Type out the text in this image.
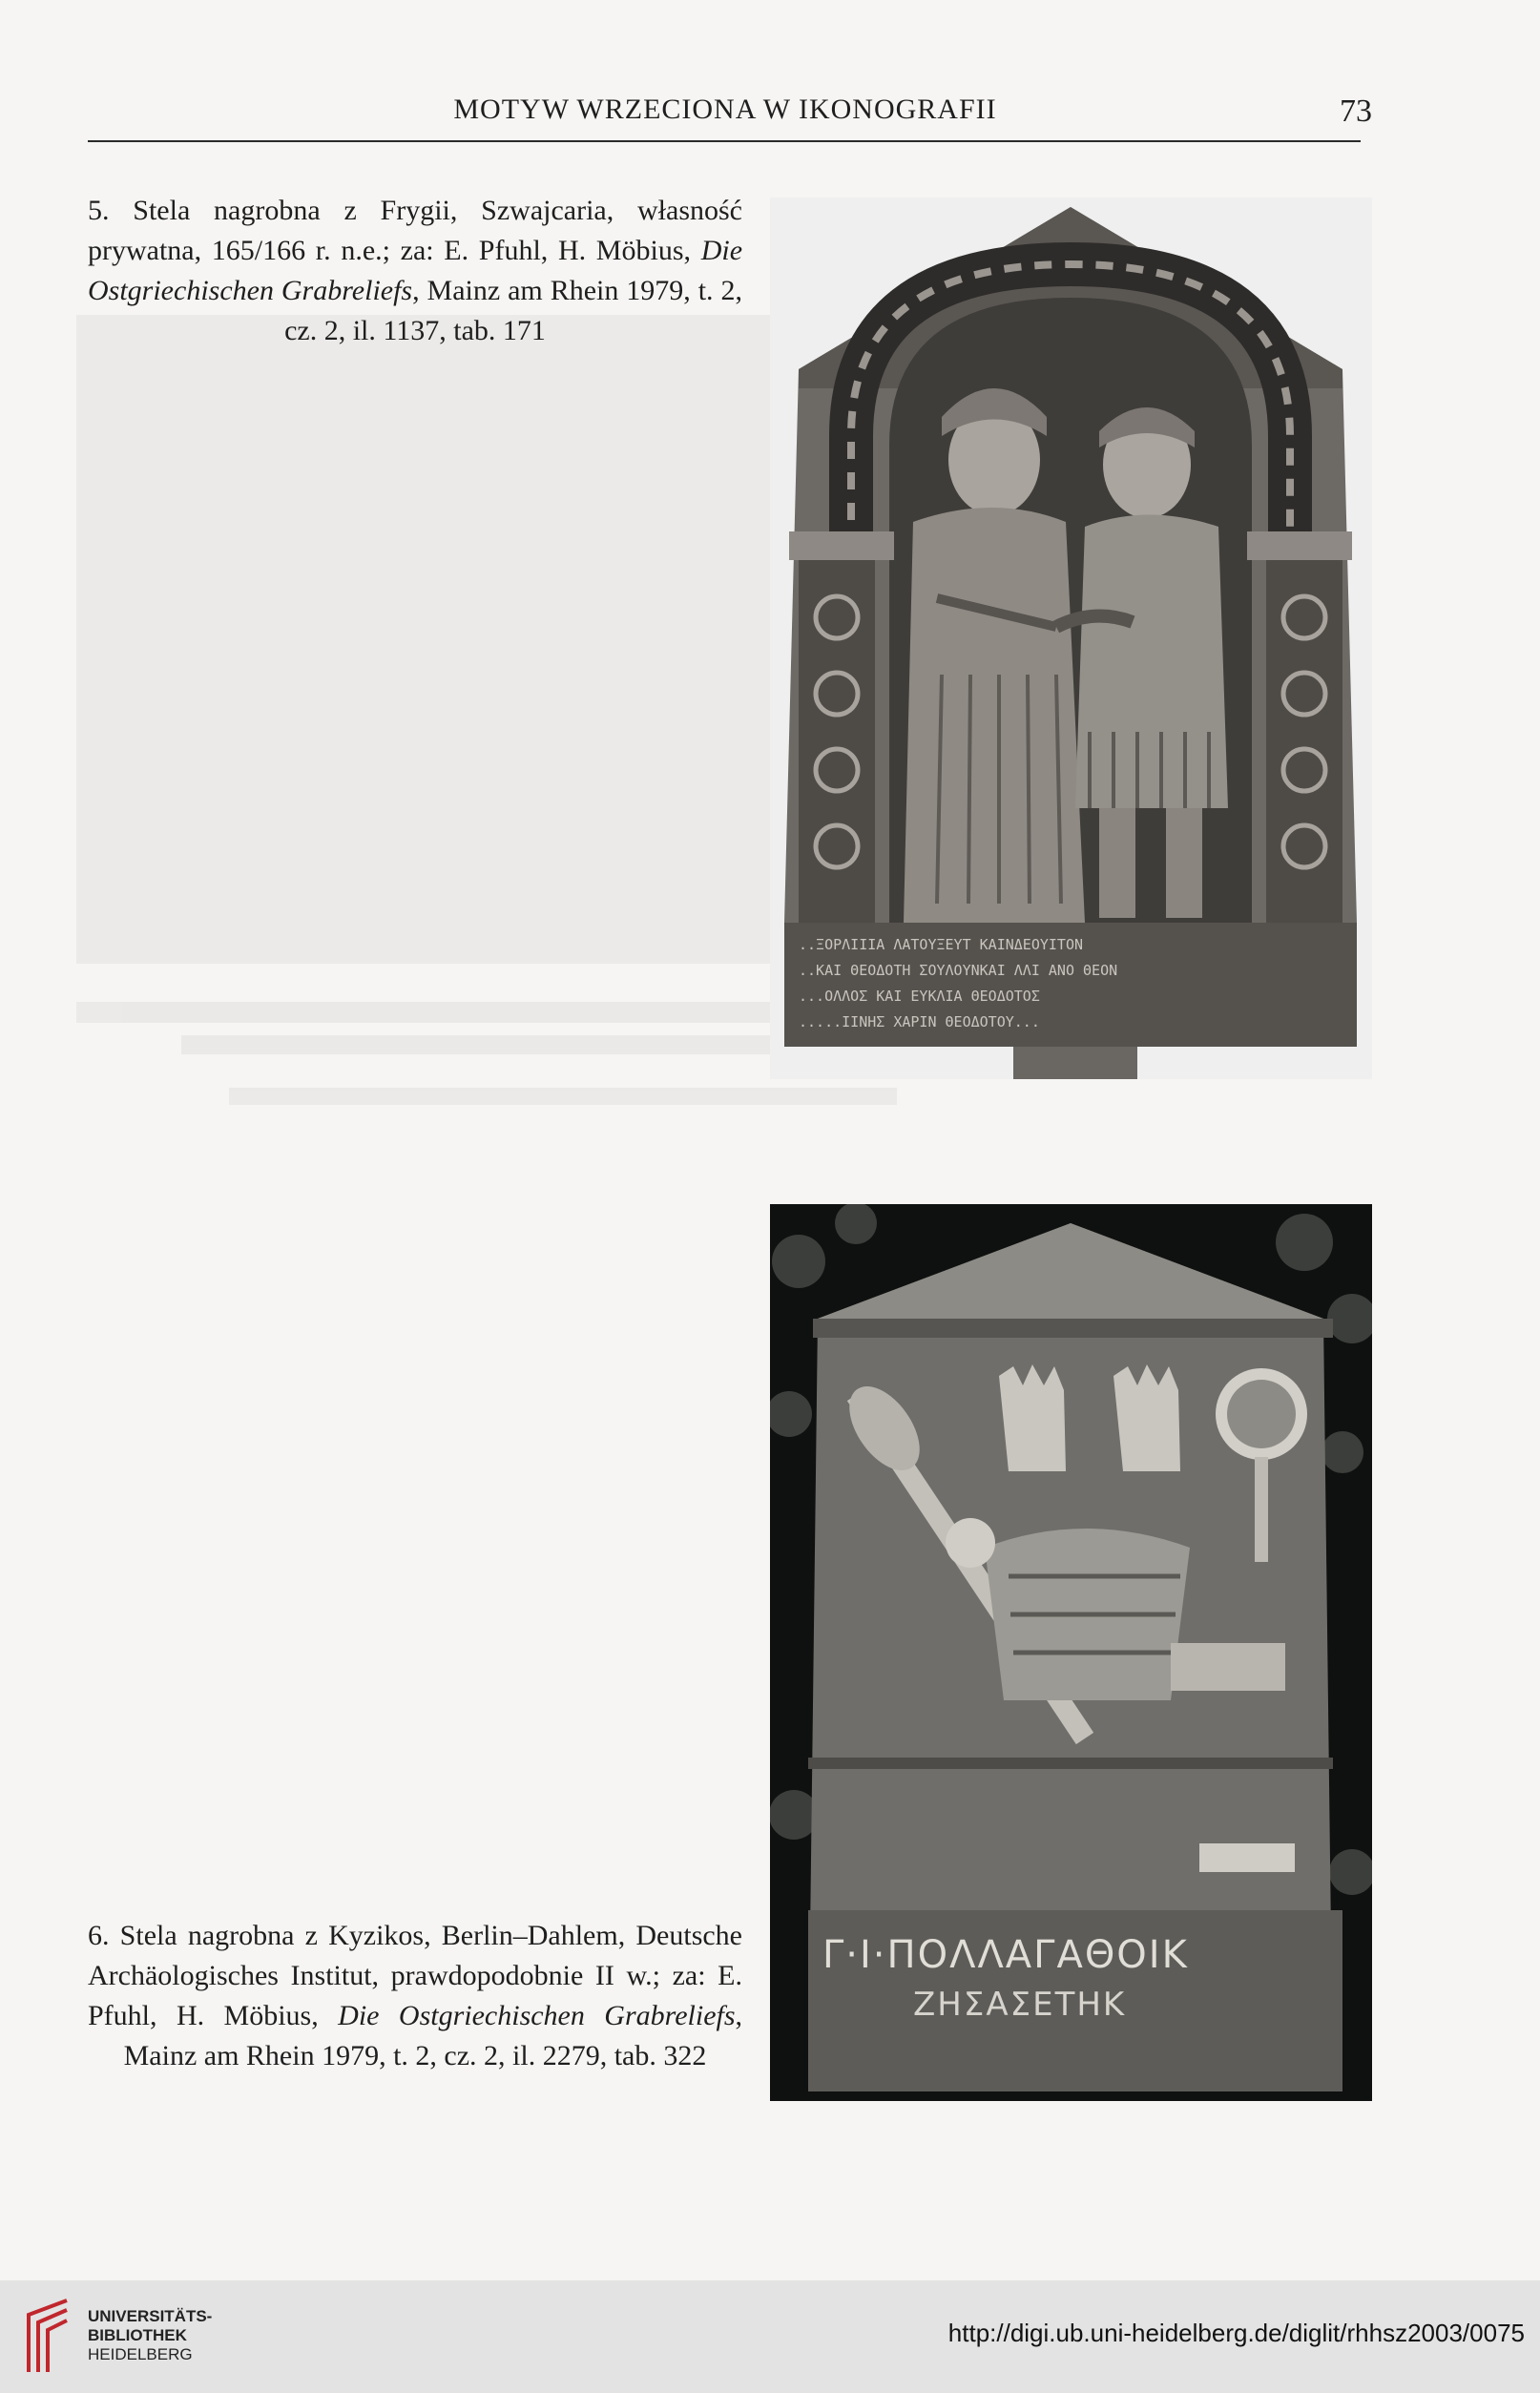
MOTYW WRZECIONA W IKONOGRAFII	73
5. Stela nagrobna z Frygii, Szwajcaria, własność prywatna, 165/166 r. n.e.; za: E. Pfuhl, H. Möbius, Die Ostgriechischen Grabreliefs, Mainz am Rhein 1979, t. 2, cz. 2, il. 1137, tab. 171
6. Stela nagrobna z Kyzikos, Berlin–Dahlem, Deutsche Archäologisches Institut, prawdopodobnie II w.; za: E. Pfuhl, H. Möbius, Die Ostgriechischen Grabreliefs, Mainz am Rhein 1979, t. 2, cz. 2, il. 2279, tab. 322
..ΞΟΡΛΙΙΙΑ ΛΑΤΟΥΞΕΥΤ ΚΑΙΝΔΕΟΥΙΤΟΝ
..ΚΑΙ ΘΕΟΔΟΤΗ ΣΟΥΛΟΥΝΚΑΙ ΛΛΙ ΑΝΟ ΘΕΟΝ
...ΟΛΛΟΣ ΚΑΙ ΕΥΚΛΙΑ ΘΕΟΔΟΤΟΣ
.....ΙΙΝΗΣ ΧΑΡΙΝ ΘΕΟΔΟΤΟΥ...
Γ·Ι·ΠΟΛΛΑΓΑΘΟΙΚ
ΖΗΣΑΣΕΤΗΚ
UNIVERSITÄTS-
BIBLIOTHEK
HEIDELBERG
http://digi.ub.uni-heidelberg.de/diglit/rhhsz2003/0075
